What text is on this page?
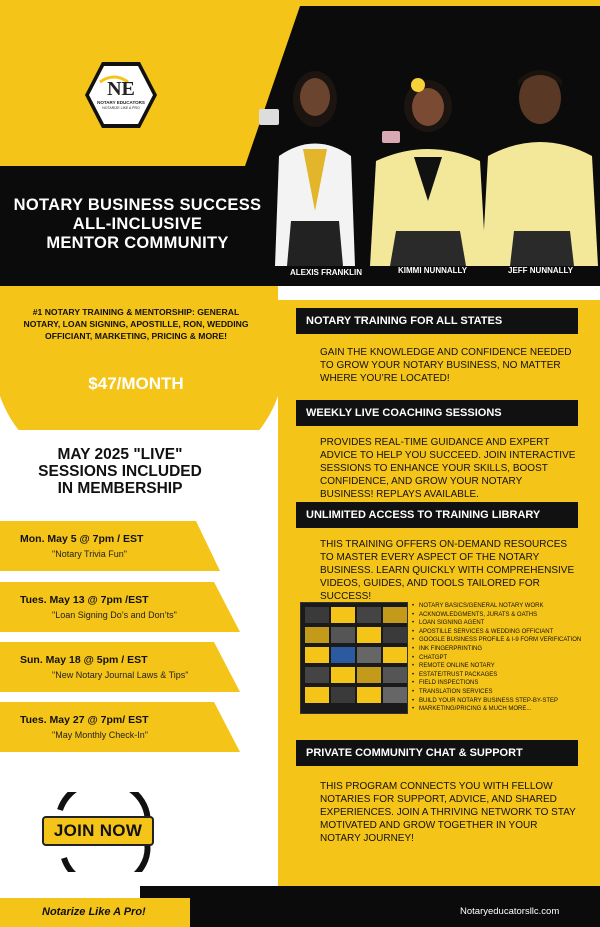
NE
NOTARY EDUCATORS
NOTARIZE LIKE A PRO
NOTARY BUSINESS SUCCESS
ALL-INCLUSIVE
MENTOR COMMUNITY
ALEXIS FRANKLIN	KIMMI NUNNALLY	JEFF NUNNALLY
#1 NOTARY TRAINING & MENTORSHIP: GENERAL NOTARY, LOAN SIGNING, APOSTILLE, RON, WEDDING OFFICIANT, MARKETING, PRICING & MORE!
$47/MONTH
MAY 2025 "LIVE"
SESSIONS INCLUDED
IN MEMBERSHIP
Mon. May 5 @ 7pm / EST
"Notary Trivia Fun"
Tues. May 13 @ 7pm /EST
"Loan Signing Do’s and Don’ts"
Sun. May 18 @ 5pm / EST
"New Notary Journal Laws & Tips"
Tues. May 27 @ 7pm/ EST
"May Monthly Check-In"
JOIN NOW
NOTARY TRAINING FOR ALL STATES
GAIN THE KNOWLEDGE AND CONFIDENCE NEEDED TO GROW YOUR NOTARY BUSINESS, NO MATTER WHERE YOU’RE LOCATED!
WEEKLY LIVE COACHING SESSIONS
PROVIDES REAL-TIME GUIDANCE AND EXPERT ADVICE TO HELP YOU SUCCEED. JOIN INTERACTIVE SESSIONS TO ENHANCE YOUR SKILLS, BOOST CONFIDENCE, AND GROW YOUR NOTARY BUSINESS! REPLAYS AVAILABLE.
UNLIMITED ACCESS TO TRAINING LIBRARY
THIS TRAINING OFFERS ON-DEMAND RESOURCES TO MASTER EVERY ASPECT OF THE NOTARY BUSINESS. LEARN QUICKLY WITH COMPREHENSIVE VIDEOS, GUIDES, AND TOOLS TAILORED FOR SUCCESS!
• NOTARY BASICS/GENERAL NOTARY WORK
• ACKNOWLEDGMENTS, JURATS & OATHS
• LOAN SIGNING AGENT
• APOSTILLE SERVICES & WEDDING OFFICIANT
• GOOGLE BUSINESS PROFILE & I-9 FORM VERIFICATION
• INK FINGERPRINTING
• CHATGPT
• REMOTE ONLINE NOTARY
• ESTATE/TRUST PACKAGES
• FIELD INSPECTIONS
• TRANSLATION SERVICES
• BUILD YOUR NOTARY BUSINESS STEP-BY-STEP
• MARKETING/PRICING & MUCH MORE...
PRIVATE COMMUNITY CHAT & SUPPORT
THIS PROGRAM CONNECTS YOU WITH FELLOW NOTARIES FOR SUPPORT, ADVICE, AND SHARED EXPERIENCES. JOIN A THRIVING NETWORK TO STAY MOTIVATED AND GROW TOGETHER IN YOUR NOTARY JOURNEY!
Notarize Like A Pro!	Notaryeducatorsllc.com
